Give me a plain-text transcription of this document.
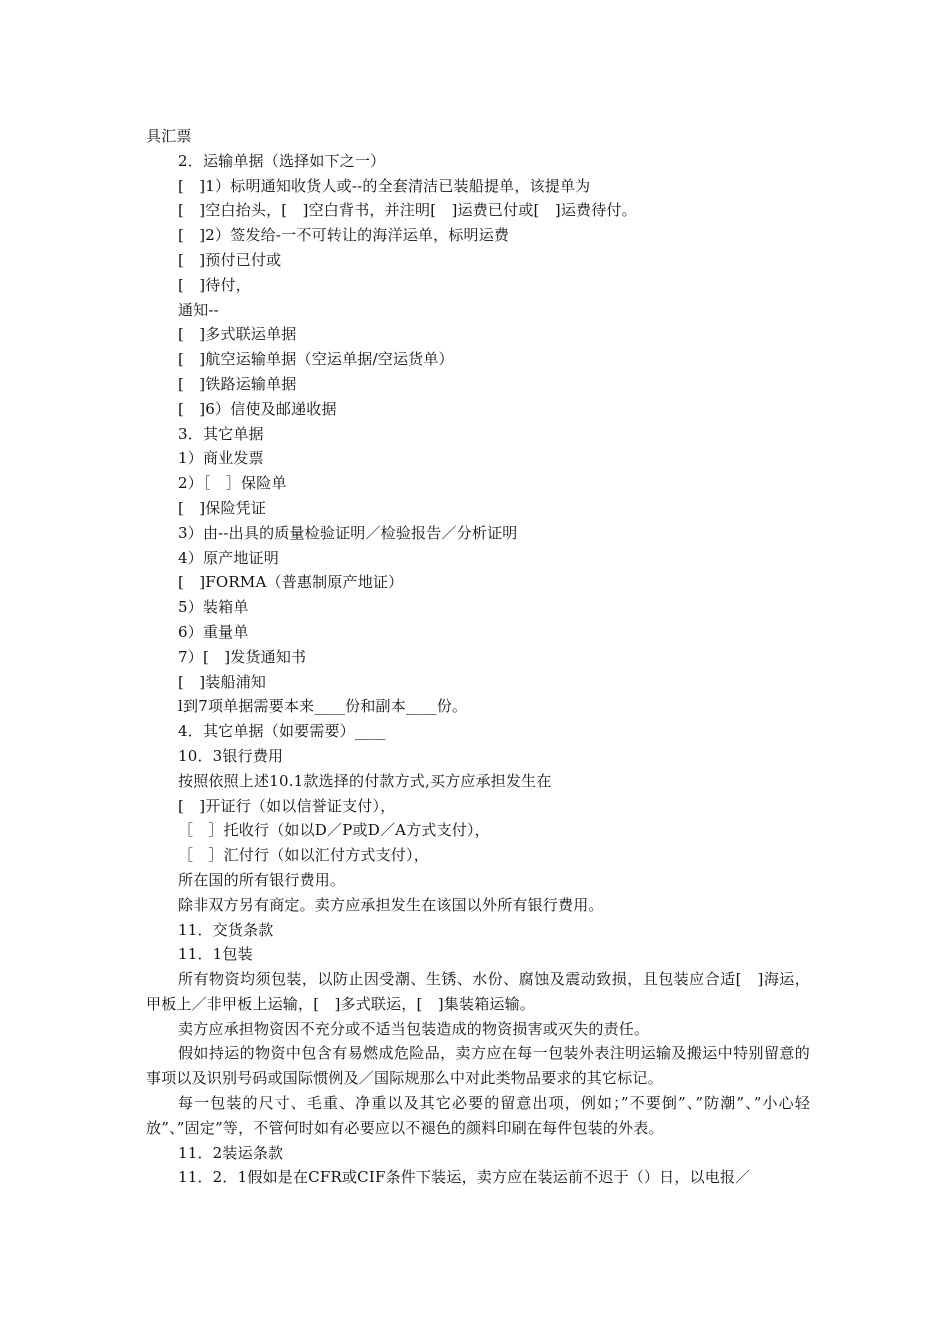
具汇票
2．运输单据（选择如下之一）
[　]1）标明通知收货人或--的全套清洁已装船提单，该提单为
[　]空白抬头，[　]空白背书，并注明[　]运费已付或[　]运费待付。
[　]2）签发给-一不可转让的海洋运单，标明运费
[　]预付已付或
[　]待付，
通知--
[　]多式联运单据
[　]航空运输单据（空运单据/空运货单）
[　]铁路运输单据
[　]6）信使及邮递收据
3．其它单据
1）商业发票
2）［　］保险单
[　]保险凭证
3）由--出具的质量检验证明／检验报告／分析证明
4）原产地证明
[　]FORMA（普惠制原产地证）
5）装箱单
6）重量单
7）[　]发货通知书
[　]装船浦知
l到7项单据需要本来____份和副本____份。
4．其它单据（如要需要）____
10．3银行费用
按照依照上述10.1款选择的付款方式,买方应承担发生在
[　]开证行（如以信誉证支付），
［　］托收行（如以D／P或D／A方式支付），
［　］汇付行（如以汇付方式支付），
所在国的所有银行费用。
除非双方另有商定。卖方应承担发生在该国以外所有银行费用。
11．交货条款
11．1包装
所有物资均须包装，以防止因受潮、生锈、水份、腐蚀及震动致损，且包装应合适[　]海运，甲板上／非甲板上运输，[　]多式联运，[　]集装箱运输。
卖方应承担物资因不充分或不适当包装造成的物资损害或灭失的责任。
假如持运的物资中包含有易燃成危险品，卖方应在每一包装外表注明运输及搬运中特别留意的事项以及识别号码或国际惯例及／国际规那么中对此类物品要求的其它标记。
每一包装的尺寸、毛重、净重以及其它必要的留意出项，例如；”不要倒”、”防潮”、”小心轻放”、”固定”等，不管何时如有必要应以不褪色的颜料印刷在每件包装的外表。
11．2装运条款
11．2．1假如是在CFR或CIF条件下装运，卖方应在装运前不迟于（）日，以电报／
